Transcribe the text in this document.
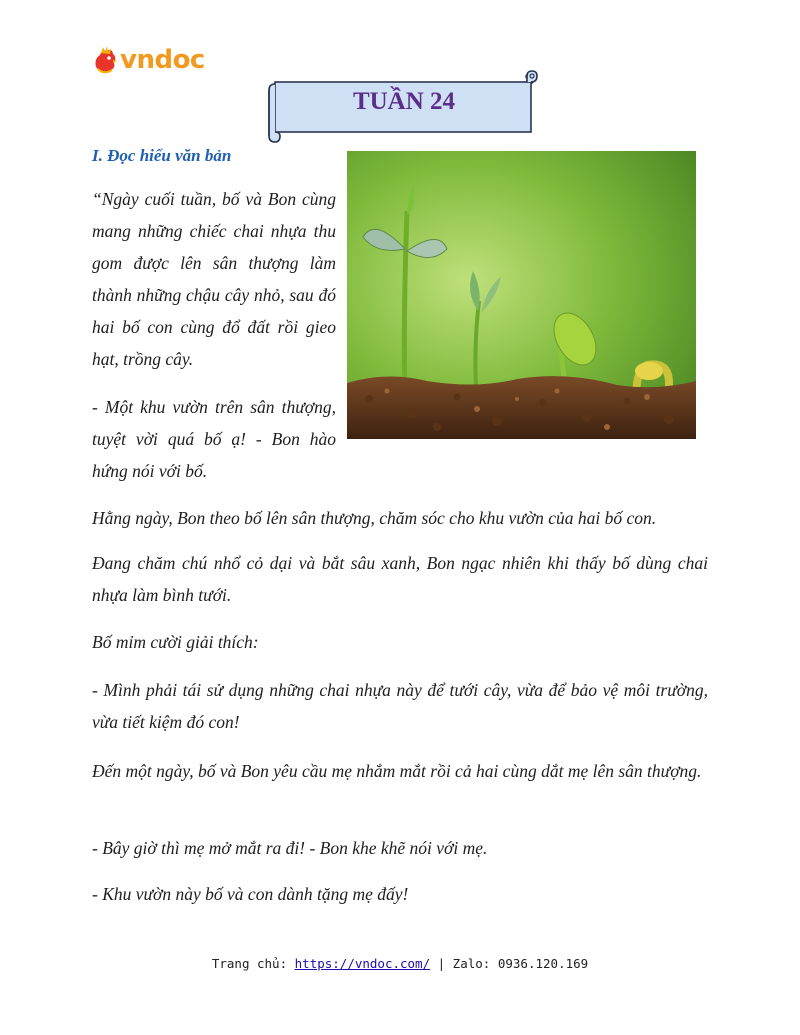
vndoc
TUẦN 24
I. Đọc hiểu văn bản

“Ngày cuối tuần, bố và Bon cùng mang những chiếc chai nhựa thu gom được lên sân thượng làm thành những chậu cây nhỏ, sau đó hai bố con cùng đổ đất rồi gieo hạt, trồng cây.

- Một khu vườn trên sân thượng, tuyệt vời quá bố ạ! - Bon hào hứng nói với bố.

Hằng ngày, Bon theo bố lên sân thượng, chăm sóc cho khu vườn của hai bố con.

Đang chăm chú nhổ cỏ dại và bắt sâu xanh, Bon ngạc nhiên khi thấy bố dùng chai nhựa làm bình tưới.

Bố mỉm cười giải thích:

- Mình phải tái sử dụng những chai nhựa này để tưới cây, vừa để bảo vệ môi trường, vừa tiết kiệm đó con!

Đến một ngày, bố và Bon yêu cầu mẹ nhắm mắt rồi cả hai cùng dắt mẹ lên sân thượng.

- Bây giờ thì mẹ mở mắt ra đi! - Bon khe khẽ nói với mẹ.

- Khu vườn này bố và con dành tặng mẹ đấy!

Trang chủ: https://vndoc.com/ | Zalo: 0936.120.169
